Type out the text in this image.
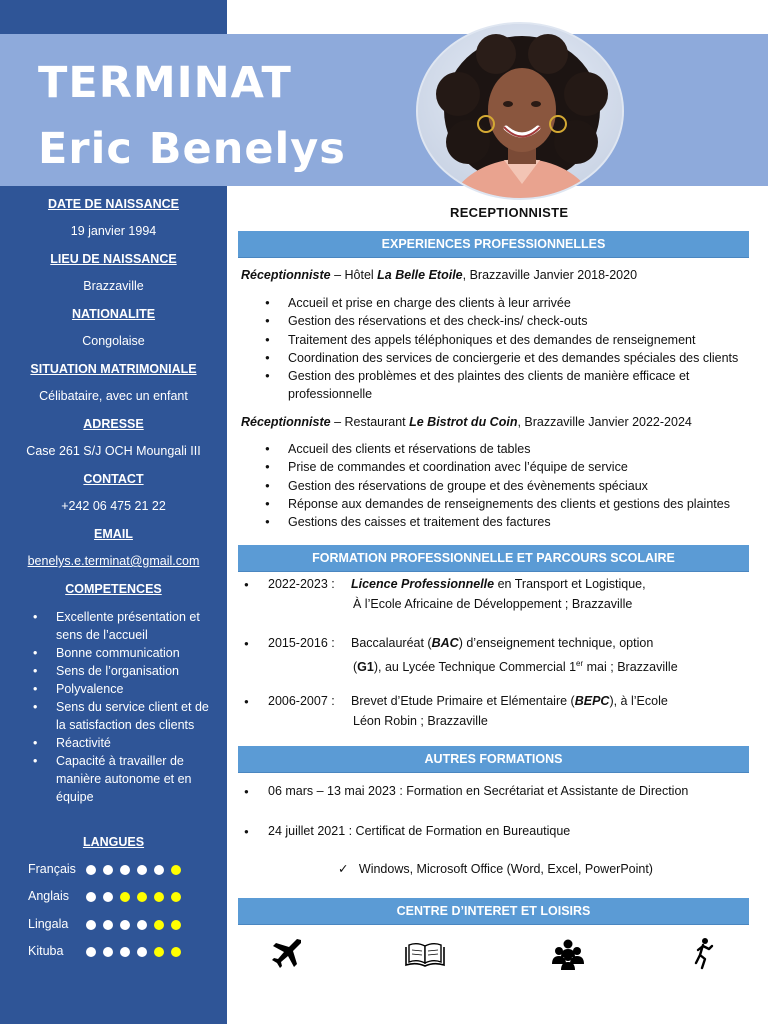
TERMINAT
Eric Benelys
DATE DE NAISSANCE
19 janvier 1994
LIEU DE NAISSANCE
Brazzaville
NATIONALITE
Congolaise
SITUATION MATRIMONIALE
Célibataire, avec un enfant
ADRESSE
Case 261 S/J OCH Moungali III
CONTACT
+242 06 475 21 22
EMAIL
benelys.e.terminat@gmail.com
COMPETENCES
• Excellente présentation et sens de l’accueil
• Bonne communication
• Sens de l’organisation
• Polyvalence
• Sens du service client et de la satisfaction des clients
• Réactivité
• Capacité à travailler de manière autonome et en équipe
LANGUES
Français
Anglais
Lingala
Kituba
RECEPTIONNISTE
EXPERIENCES PROFESSIONNELLES
Réceptionniste – Hôtel La Belle Etoile, Brazzaville Janvier 2018-2020
● Accueil et prise en charge des clients à leur arrivée
● Gestion des réservations et des check-ins/ check-outs
● Traitement des appels téléphoniques et des demandes de renseignement
● Coordination des services de conciergerie et des demandes spéciales des clients
● Gestion des problèmes et des plaintes des clients de manière efficace et professionnelle
Réceptionniste – Restaurant Le Bistrot du Coin, Brazzaville Janvier 2022-2024
● Accueil des clients et réservations de tables
● Prise de commandes et coordination avec l’équipe de service
● Gestion des réservations de groupe et des évènements spéciaux
● Réponse aux demandes de renseignements des clients et gestions des plaintes
● Gestions des caisses et traitement des factures
FORMATION PROFESSIONNELLE ET PARCOURS SCOLAIRE
● 2022-2023 : Licence Professionnelle en Transport et Logistique,
À l’Ecole Africaine de Développement ; Brazzaville
● 2015-2016 : Baccalauréat (BAC) d’enseignement technique, option
(G1), au Lycée Technique Commercial 1er mai ; Brazzaville
● 2006-2007 : Brevet d’Etude Primaire et Elémentaire (BEPC), à l’Ecole
Léon Robin ; Brazzaville
AUTRES FORMATIONS
● 06 mars – 13 mai 2023 : Formation en Secrétariat et Assistante de Direction
● 24 juillet 2021 : Certificat de Formation en Bureautique
✓ Windows, Microsoft Office (Word, Excel, PowerPoint)
CENTRE D’INTERET ET LOISIRS
